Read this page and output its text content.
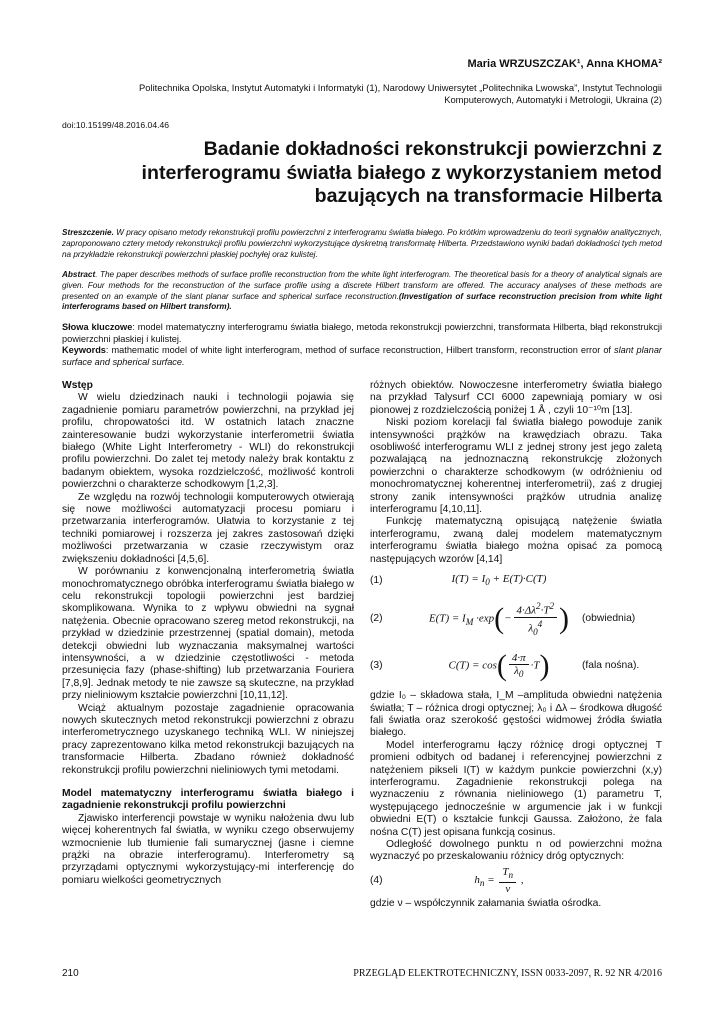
Maria WRZUSZCZAK¹, Anna KHOMA²
Politechnika Opolska, Instytut Automatyki i Informatyki (1), Narodowy Uniwersytet „Politechnika Lwowska”, Instytut Technologii
Komputerowych, Automatyki i Metrologii, Ukraina (2)
doi:10.15199/48.2016.04.46
Badanie dokładności rekonstrukcji powierzchni z interferogramu światła białego z wykorzystaniem metod bazujących na transformacie Hilberta
Streszczenie. W pracy opisano metody rekonstrukcji profilu powierzchni z interferogramu światła białego. Po krótkim wprowadzeniu do teorii sygnałów analitycznych, zaproponowano cztery metody rekonstrukcji profilu powierzchni wykorzystujące dyskretną transformatę Hilberta. Przedstawiono wyniki badań dokładności tych metod na przykładzie rekonstrukcji powierzchni płaskiej pochyłej oraz kulistej.
Abstract. The paper describes methods of surface profile reconstruction from the white light interferogram. The theoretical basis for a theory of analytical signals are given. Four methods for the reconstruction of the surface profile using a discrete Hilbert transform are offered. The accuracy analyses of these methods are presented on an example of the slant planar surface and spherical surface reconstruction.(Investigation of surface reconstruction precision from white light interferograms based on Hilbert transform).
Słowa kluczowe: model matematyczny interferogramu światła białego, metoda rekonstrukcji powierzchni, transformata Hilberta, błąd rekonstrukcji powierzchni płaskiej i kulistej.
Keywords: mathematic model of white light interferogram, method of surface reconstruction, Hilbert transform, reconstruction error of slant planar surface and spherical surface.
Wstęp

W wielu dziedzinach nauki i technologii pojawia się zagadnienie pomiaru parametrów powierzchni, na przykład jej profilu, chropowatości itd. W ostatnich latach znaczne zainteresowanie budzi wykorzystanie interferometrii światła białego (White Light Interferometry - WLI) do rekonstrukcji profilu powierzchni. Do zalet tej metody należy brak kontaktu z badanym obiektem, wysoka rozdzielczość, możliwość kontroli powierzchni o charakterze schodkowym [1,2,3].

Ze względu na rozwój technologii komputerowych otwierają się nowe możliwości automatyzacji procesu pomiaru i przetwarzania interferogramów. Ułatwia to korzystanie z tej techniki pomiarowej i rozszerza jej zakres zastosowań dzięki możliwości przetwarzania w czasie rzeczywistym oraz zwiększeniu dokładności [4,5,6].

W porównaniu z konwencjonalną interferometrią światła monochromatycznego obróbka interferogramu światła białego w celu rekonstrukcji topologii powierzchni jest bardziej skomplikowana. Wynika to z wpływu obwiedni na sygnał natężenia. Obecnie opracowano szereg metod rekonstrukcji, na przykład w dziedzinie przestrzennej (spatial domain), metoda detekcji obwiedni lub wyznaczania maksymalnej wartości intensywności, a w dziedzinie częstotliwości - metoda przesunięcia fazy (phase-shifting) lub przetwarzania Fouriera [7,8,9]. Jednak metody te nie zawsze są skuteczne, na przykład przy nieliniowym kształcie powierzchni [10,11,12].

Wciąż aktualnym pozostaje zagadnienie opracowania nowych skutecznych metod rekonstrukcji powierzchni z obrazu interferometrycznego uzyskanego techniką WLI. W niniejszej pracy zaprezentowano kilka metod rekonstrukcji bazujących na transformacie Hilberta. Zbadano również dokładność rekonstrukcji profilu powierzchni nieliniowych tymi metodami.

Model matematyczny interferogramu światła białego i zagadnienie rekonstrukcji profilu powierzchni

Zjawisko interferencji powstaje w wyniku nałożenia dwu lub więcej koherentnych fal światła, w wyniku czego obserwujemy wzmocnienie lub tłumienie fali sumarycznej (jasne i ciemne prążki na obrazie interferogramu). Interferometry są przyrządami optycznymi wykorzystujący-mi interferencję do pomiaru wielkości geometrycznych

różnych obiektów. Nowoczesne interferometry światła białego na przykład Talysurf CCI 6000 zapewniają pomiary w osi pionowej z rozdzielczością poniżej 1 Å , czyli 10⁻¹⁰m [13].

Niski poziom korelacji fal światła białego powoduje zanik intensywności prążków na krawędziach obrazu. Taka osobliwość interferogramu WLI z jednej strony jest jego zaletą pozwalającą na jednoznaczną rekonstrukcję złożonych powierzchni o charakterze schodkowym (w odróżnieniu od monochromatycznej koherentnej interferometrii), zaś z drugiej strony zanik intensywności prążków utrudnia analizę interferogramu [4,10,11].

Funkcję matematyczną opisującą natężenie światła interferogramu, zwaną dalej modelem matematycznym interferogramu światła białego można opisać za pomocą następujących wzorów [4,14]

(1)	$I(T) = I_0 + E(T)\cdot C(T)$
(2)	$E(T) = I_M \cdot\exp(- \frac{4\cdot\Delta\lambda^2\cdot T^2}{\lambda_0^4}$ )	(obwiednia)
(3)	$C(T) = \cos( \frac{4\cdot\pi}{\lambda_0} \cdot T)$	(fala nośna).

gdzie I₀ – składowa stała, I_M –amplituda obwiedni natężenia światła; T – różnica drogi optycznej; λ₀ i Δλ – środkowa długość fali światła oraz szerokość gęstości widmowej źródła światła białego.

Model interferogramu łączy różnicę drogi optycznej T promieni odbitych od badanej i referencyjnej powierzchni z natężeniem pikseli I(T) w każdym punkcie powierzchni (x,y) interferogramu. Zagadnienie rekonstrukcji polega na wyznaczeniu z równania nieliniowego (1) parametru T, występującego jednocześnie w argumencie jak i w funkcji obwiedni E(T) o kształcie funkcji Gaussa. Założono, że fala nośna C(T) jest opisana funkcją cosinus.

Odległość dowolnego punktu n od powierzchni można wyznaczyć po przeskalowaniu różnicy dróg optycznych:

(4)	$h_n = \frac{T_n}{\nu}$ ,

gdzie ν – współczynnik załamania światła ośrodka.

210	PRZEGLĄD ELEKTROTECHNICZNY, ISSN 0033-2097, R. 92 NR 4/2016
